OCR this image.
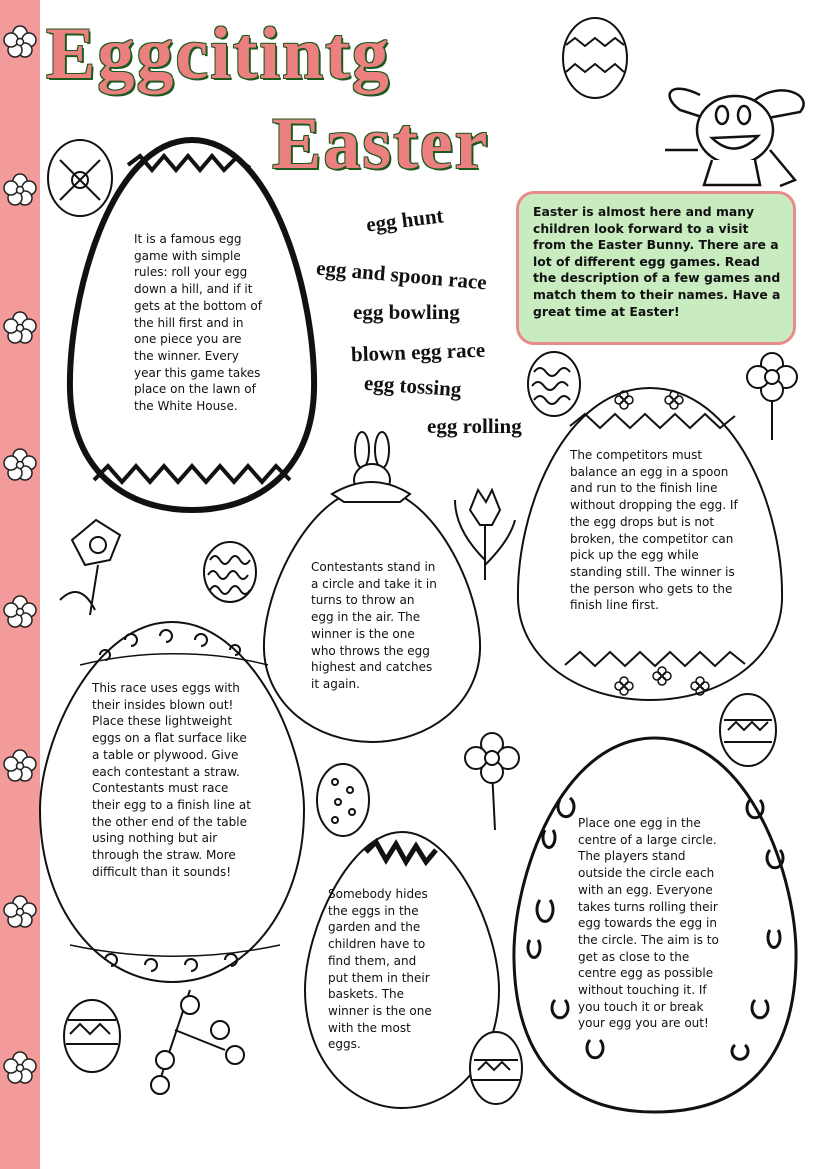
Eggcitintg
Easter
Easter is almost here and many children look forward to a visit from the Easter Bunny. There are a lot of different egg games. Read the description of a few games and match them to their names. Have a great time at Easter!
egg hunt
egg and spoon race
egg bowling
blown egg race
egg tossing
egg rolling
It is a famous egg game with simple rules: roll your egg down a hill, and if it gets at the bottom of the hill first and in one piece you are the winner. Every year this game takes place on the lawn of the White House.
The competitors must balance an egg in a spoon and run to the finish line without dropping the egg. If the egg drops but is not broken, the competitor can pick up the egg while standing still. The winner is the person who gets to the finish line first.
Contestants stand in a circle and take it in turns to throw an egg in the air. The winner is the one who throws the egg highest and catches it again.
This race uses eggs with their insides blown out! Place these lightweight eggs on a flat surface like a table or plywood. Give each contestant a straw. Contestants must race their egg to a finish line at the other end of the table using nothing but air through the straw. More difficult than it sounds!
Somebody hides the eggs in the garden and the children have to find them, and put them in their baskets. The winner is the one with the most eggs.
Place one egg in the centre of a large circle. The players stand outside the circle each with an egg. Everyone takes turns rolling their egg towards the egg in the circle. The aim is to get as close to the centre egg as possible without touching it. If you touch it or break your egg you are out!
